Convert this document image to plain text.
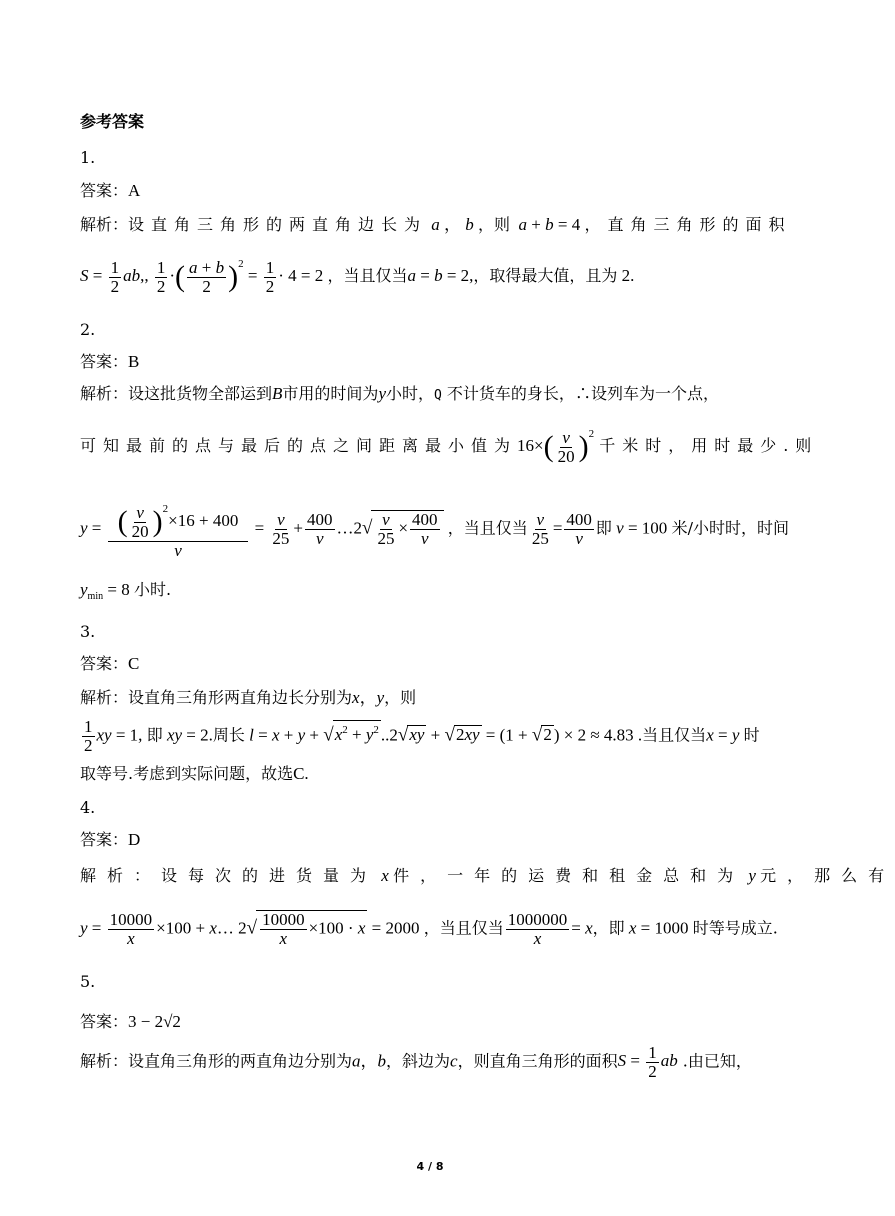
参考答案
1.
答案：A
解析：设直角三角形的两直角边长为 a ， b ，则 a + b = 4 ，直角三角形的面积
$S = \frac{1}{2}$ ab,, $\frac{1}{2}$ ·( $\frac{a + b}{2} )^2 = \frac{1}{2} \cdot 4 = 2$ ，当且仅当a = b = 2,，取得最大值，且为 2.
2.
答案：B
解析：设这批货物全部运到B市用的时间为y小时，Q 不计货车的身长，∴设列车为一个点，
可知最前的点与最后的点之间距离最小值为$16\times( \frac{v}{20} )^2$ 千米时，用时最少.则
$y = \frac{( \frac{v}{20} )^2\times 16 + 400}{v} = \frac{v}{25} + \frac{400}{v}$ …2√ $\frac{v}{25} \times \frac{400}{v}$ ，当且仅当 $\frac{v}{25} = \frac{400}{v}$ 即 v = 100 米/小时时，时间
$y_{min} = 8$ 小时.
3.
答案：C
解析：设直角三角形两直角边长分别为x，y，则
$\frac{1}{2}$ xy = 1, 即 xy = 2.周长 $l = x + y + √x^2 + y^2$ ..2√xy + √2xy = (1 + √2 ) × 2 ≈ 4.83 .当且仅当x = y 时
取等号.考虑到实际问题，故选C.
4.
答案：D
解析：设每次的进货量为 x 件，一年的运费和租金总和为 y 元，那么有
$y = \frac{10000}{x} \times 100$ + x… $2√ \frac{10000}{x} \times 100 \cdot x = 2000$ ，当且仅当 $\frac{1000000}{x} = x$，即 x = 1000 时等号成立.
5.
答案：3 − 2√2
解析：设直角三角形的两直角边分别为a，b，斜边为c，则直角三角形的面积$S = \frac{1}{2}$ ab .由已知，
4 / 8
